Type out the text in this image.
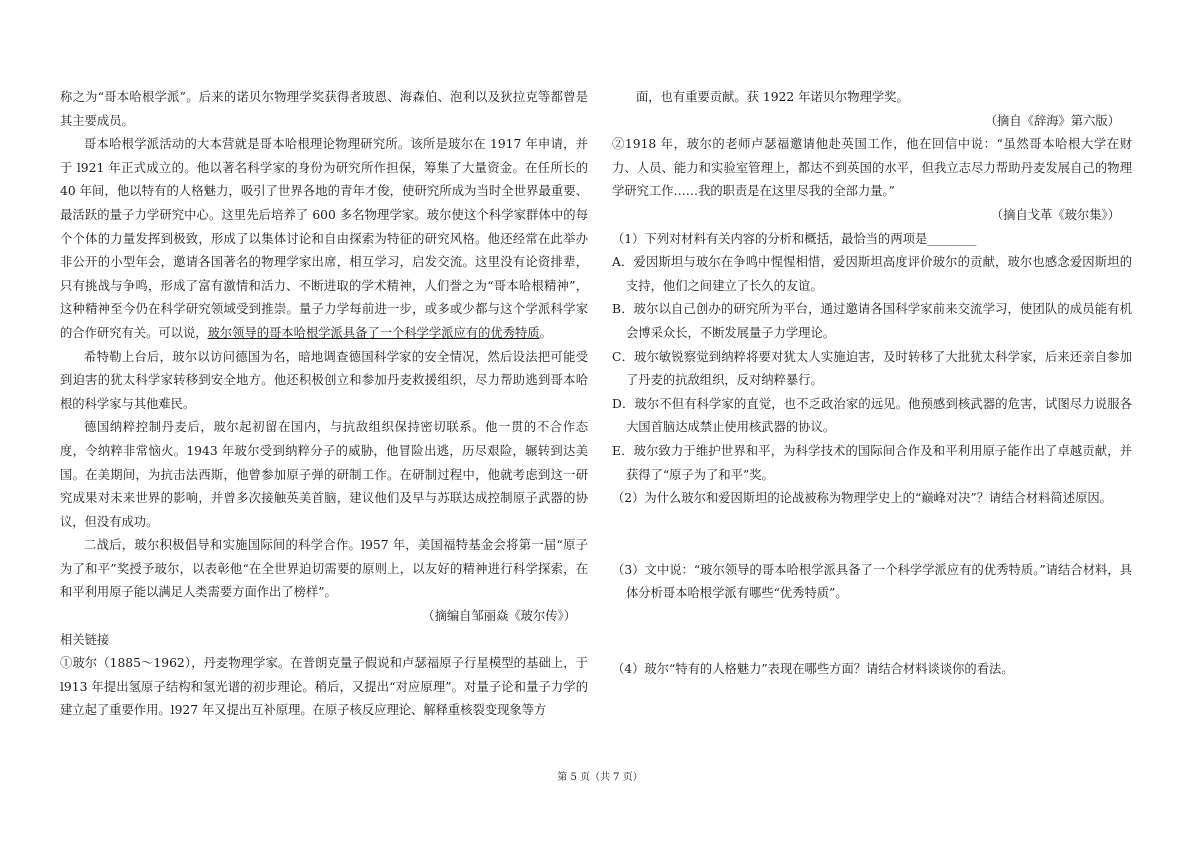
称之为“哥本哈根学派”。后来的诺贝尔物理学奖获得者玻恩、海森伯、泡利以及狄拉克等都曾是其主要成员。

哥本哈根学派活动的大本营就是哥本哈根理论物理研究所。该所是玻尔在 1917 年申请，并于 l921 年正式成立的。他以著名科学家的身份为研究所作担保，筹集了大量资金。在任所长的 40 年间，他以特有的人格魅力，吸引了世界各地的青年才俊，使研究所成为当时全世界最重要、最活跃的量子力学研究中心。这里先后培养了 600 多名物理学家。玻尔使这个科学家群体中的每个个体的力量发挥到极致，形成了以集体讨论和自由探索为特征的研究风格。他还经常在此举办非公开的小型年会，邀请各国著名的物理学家出席，相互学习，启发交流。这里没有论资排辈，只有挑战与争鸣，形成了富有激情和活力、不断进取的学术精神，人们誉之为“哥本哈根精神”，这种精神至今仍在科学研究领域受到推崇。量子力学每前进一步，或多或少都与这个学派科学家的合作研究有关。可以说，玻尔领导的哥本哈根学派具备了一个科学学派应有的优秀特质。

希特勒上台后，玻尔以访问德国为名，暗地调查德国科学家的安全情况，然后设法把可能受到迫害的犹太科学家转移到安全地方。他还积极创立和参加丹麦救援组织，尽力帮助逃到哥本哈根的科学家与其他难民。

德国纳粹控制丹麦后，玻尔起初留在国内，与抗敌组织保持密切联系。他一贯的不合作态度，令纳粹非常恼火。1943 年玻尔受到纳粹分子的威胁，他冒险出逃，历尽艰险，辗转到达美国。在美期间，为抗击法西斯，他曾参加原子弹的研制工作。在研制过程中，他就考虑到这一研究成果对未来世界的影响，并曾多次接触英美首脑，建议他们及早与苏联达成控制原子武器的协议，但没有成功。

二战后，玻尔积极倡导和实施国际间的科学合作。l957 年，美国福特基金会将第一届“原子为了和平”奖授予玻尔，以表彰他“在全世界迫切需要的原则上，以友好的精神进行科学探索，在和平利用原子能以满足人类需要方面作出了榜样”。

（摘编自邹丽焱《玻尔传》）

相关链接

①玻尔（1885～1962），丹麦物理学家。在普朗克量子假说和卢瑟福原子行星模型的基础上，于 l913 年提出氢原子结构和氢光谱的初步理论。稍后，又提出“对应原理”。对量子论和量子力学的建立起了重要作用。l927 年又提出互补原理。在原子核反应理论、解释重核裂变现象等方

面，也有重要贡献。获 1922 年诺贝尔物理学奖。

（摘自《辞海》第六版）

②1918 年，玻尔的老师卢瑟福邀请他赴英国工作，他在回信中说：“虽然哥本哈根大学在财力、人员、能力和实验室管理上，都达不到英国的水平，但我立志尽力帮助丹麦发展自己的物理学研究工作……我的职责是在这里尽我的全部力量。”

（摘自戈革《玻尔集》）

（1）下列对材料有关内容的分析和概括，最恰当的两项是________

A．爱因斯坦与玻尔在争鸣中惺惺相惜，爱因斯坦高度评价玻尔的贡献，玻尔也感念爱因斯坦的支持，他们之间建立了长久的友谊。

B．玻尔以自己创办的研究所为平台，通过邀请各国科学家前来交流学习，使团队的成员能有机会博采众长，不断发展量子力学理论。

C．玻尔敏锐察觉到纳粹将要对犹太人实施迫害，及时转移了大批犹太科学家，后来还亲自参加了丹麦的抗敌组织，反对纳粹暴行。

D．玻尔不但有科学家的直觉，也不乏政治家的远见。他预感到核武器的危害，试图尽力说服各大国首脑达成禁止使用核武器的协议。

E．玻尔致力于维护世界和平，为科学技术的国际间合作及和平利用原子能作出了卓越贡献，并获得了“原子为了和平”奖。

（2）为什么玻尔和爱因斯坦的论战被称为物理学史上的“巅峰对决”？请结合材料简述原因。

（3）文中说：“玻尔领导的哥本哈根学派具备了一个科学学派应有的优秀特质。”请结合材料，具体分析哥本哈根学派有哪些“优秀特质”。

（4）玻尔“特有的人格魅力”表现在哪些方面？请结合材料谈谈你的看法。

第 5 页（共 7 页）
